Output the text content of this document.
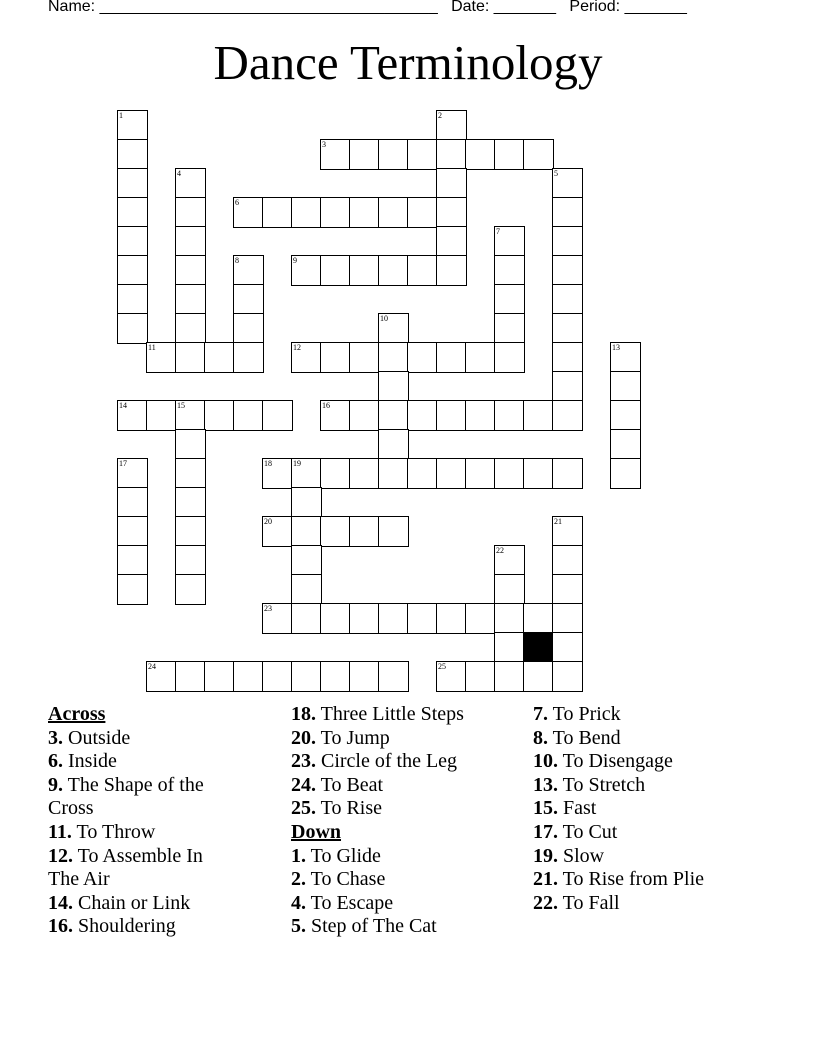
Name: ______________________________________ Date: _______ Period: _______
Dance Terminology
1	2
3
4	5
6
7
8	9
10
11	12	13
14	15	16
17	18	19
20	21
22
23
24	25
Across
3. Outside
6. Inside
9. The Shape of the
Cross
11. To Throw
12. To Assemble In
The Air
14. Chain or Link
16. Shouldering
18. Three Little Steps
20. To Jump
23. Circle of the Leg
24. To Beat
25. To Rise
Down
1. To Glide
2. To Chase
4. To Escape
5. Step of The Cat
7. To Prick
8. To Bend
10. To Disengage
13. To Stretch
15. Fast
17. To Cut
19. Slow
21. To Rise from Plie
22. To Fall
